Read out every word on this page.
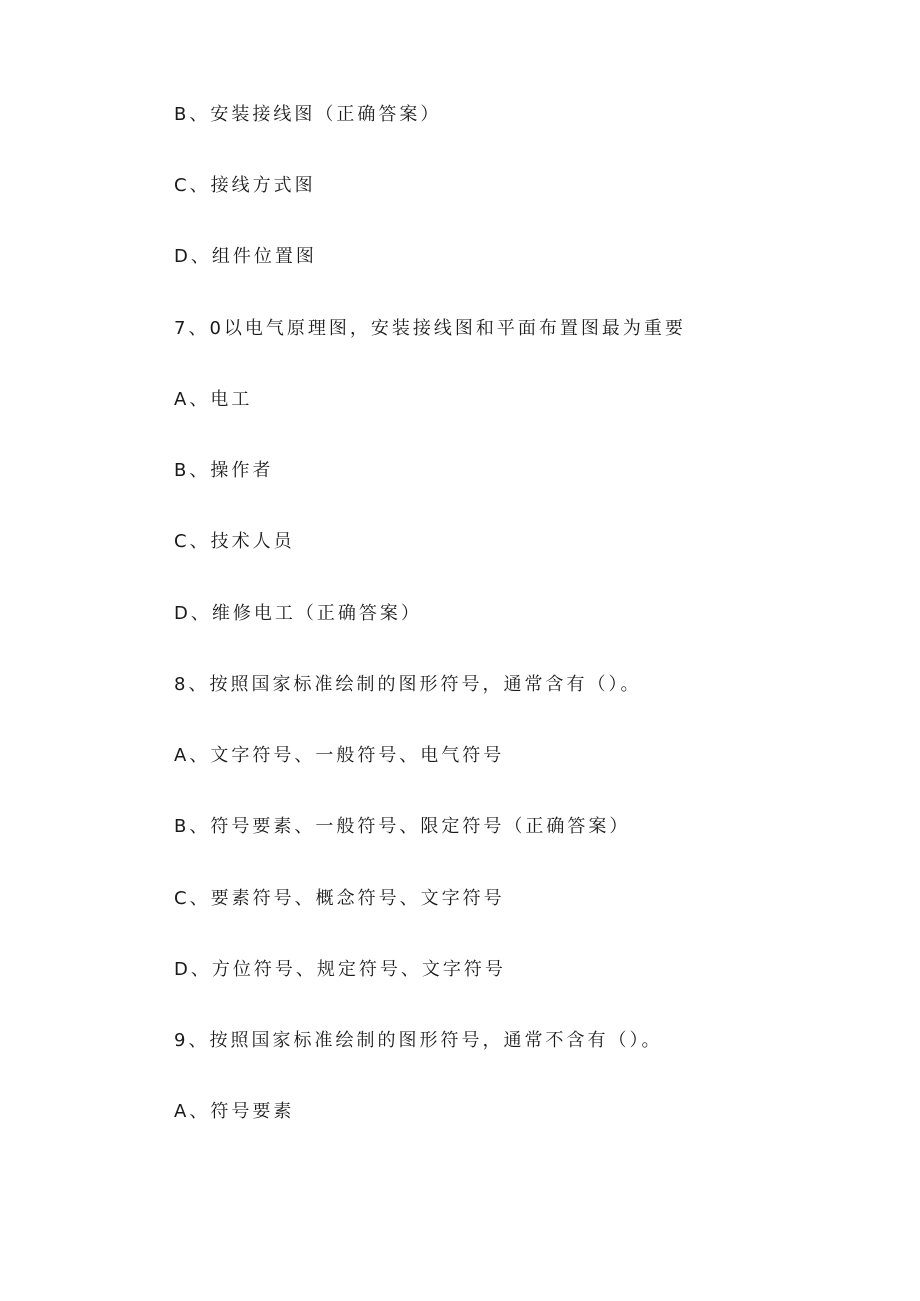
B、安装接线图（正确答案）
C、接线方式图
D、组件位置图
7、0以电气原理图，安装接线图和平面布置图最为重要
A、电工
B、操作者
C、技术人员
D、维修电工（正确答案）
8、按照国家标准绘制的图形符号，通常含有（）。
A、文字符号、一般符号、电气符号
B、符号要素、一般符号、限定符号（正确答案）
C、要素符号、概念符号、文字符号
D、方位符号、规定符号、文字符号
9、按照国家标准绘制的图形符号，通常不含有（）。
A、符号要素
